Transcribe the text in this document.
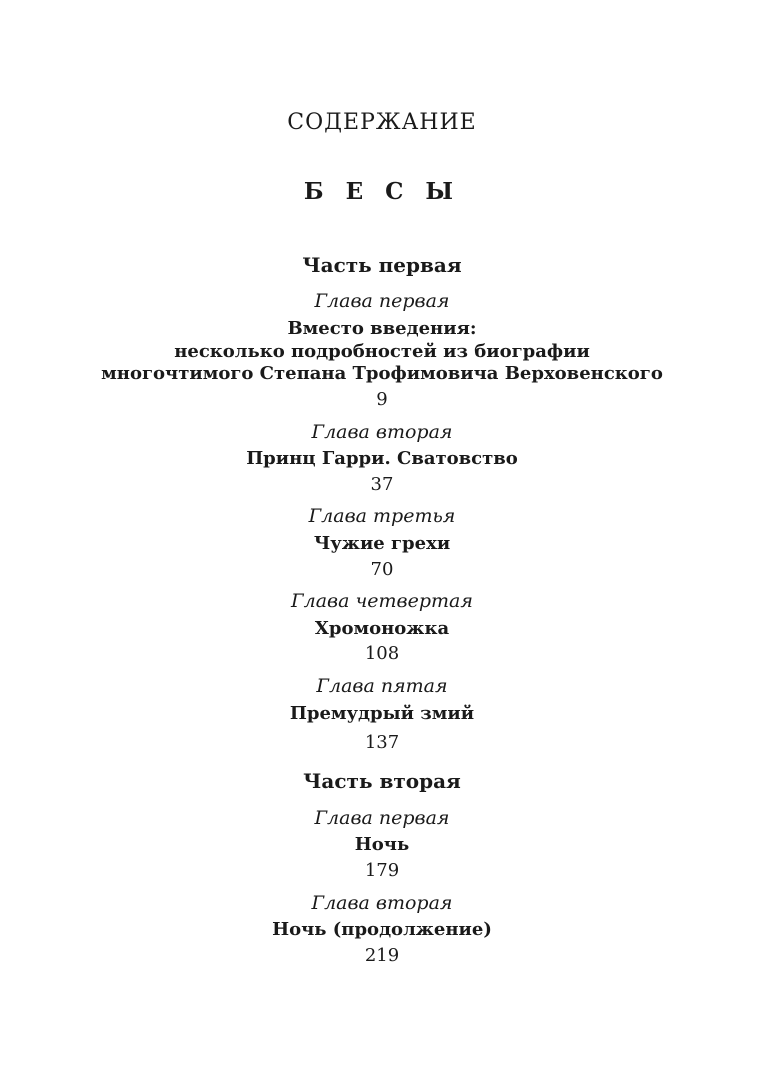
СОДЕРЖАНИЕ
Б Е С Ы
Часть первая
Глава первая
Вместо введения:
несколько подробностей из биографии
многочтимого Степана Трофимовича Верховенского
9
Глава вторая
Принц Гарри. Сватовство
37
Глава третья
Чужие грехи
70
Глава четвертая
Хромоножка
108
Глава пятая
Премудрый змий
137
Часть вторая
Глава первая
Ночь
179
Глава вторая
Ночь (продолжение)
219
